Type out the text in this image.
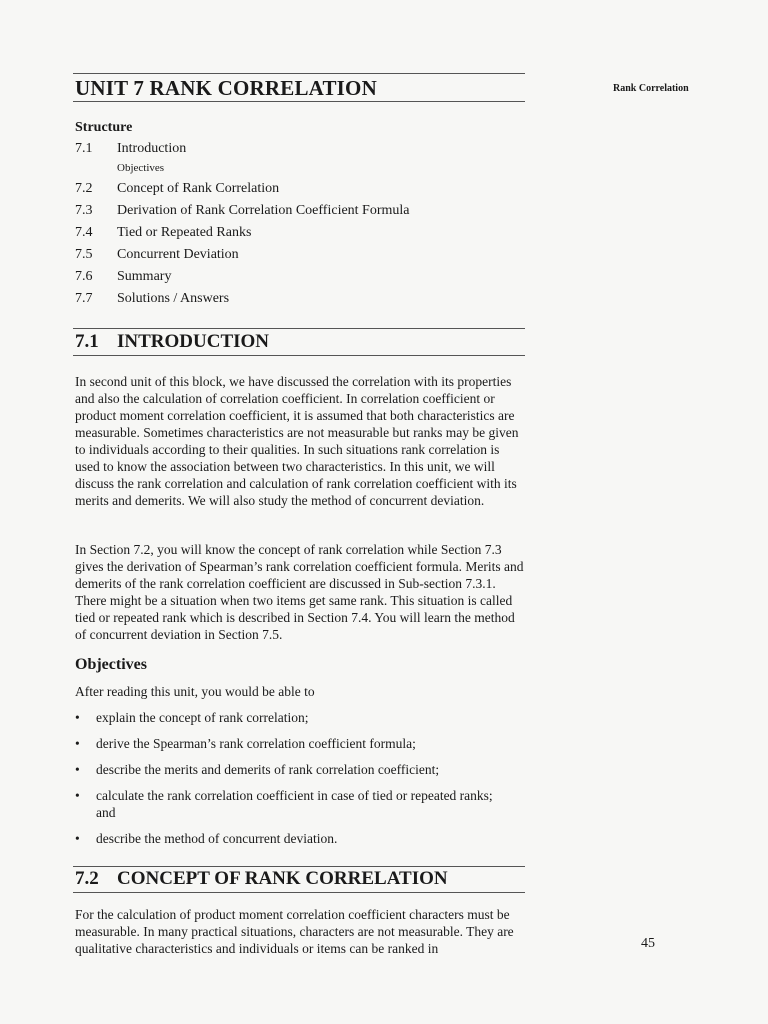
UNIT 7 RANK CORRELATION	Rank Correlation
Structure
7.1 Introduction
Objectives
7.2 Concept of Rank Correlation
7.3 Derivation of Rank Correlation Coefficient Formula
7.4 Tied or Repeated Ranks
7.5 Concurrent Deviation
7.6 Summary
7.7 Solutions / Answers
7.1 INTRODUCTION

In second unit of this block, we have discussed the correlation with its properties and also the calculation of correlation coefficient. In correlation coefficient or product moment correlation coefficient, it is assumed that both characteristics are measurable. Sometimes characteristics are not measurable but ranks may be given to individuals according to their qualities. In such situations rank correlation is used to know the association between two characteristics. In this unit, we will discuss the rank correlation and calculation of rank correlation coefficient with its merits and demerits. We will also study the method of concurrent deviation.

In Section 7.2, you will know the concept of rank correlation while Section 7.3 gives the derivation of Spearman’s rank correlation coefficient formula. Merits and demerits of the rank correlation coefficient are discussed in Sub-section 7.3.1. There might be a situation when two items get same rank. This situation is called tied or repeated rank which is described in Section 7.4. You will learn the method of concurrent deviation in Section 7.5.

Objectives
After reading this unit, you would be able to
• explain the concept of rank correlation;
• derive the Spearman’s rank correlation coefficient formula;
• describe the merits and demerits of rank correlation coefficient;
• calculate the rank correlation coefficient in case of tied or repeated ranks; and
• describe the method of concurrent deviation.
7.2 CONCEPT OF RANK CORRELATION

For the calculation of product moment correlation coefficient characters must be measurable. In many practical situations, characters are not measurable. They are qualitative characteristics and individuals or items can be ranked in	45
